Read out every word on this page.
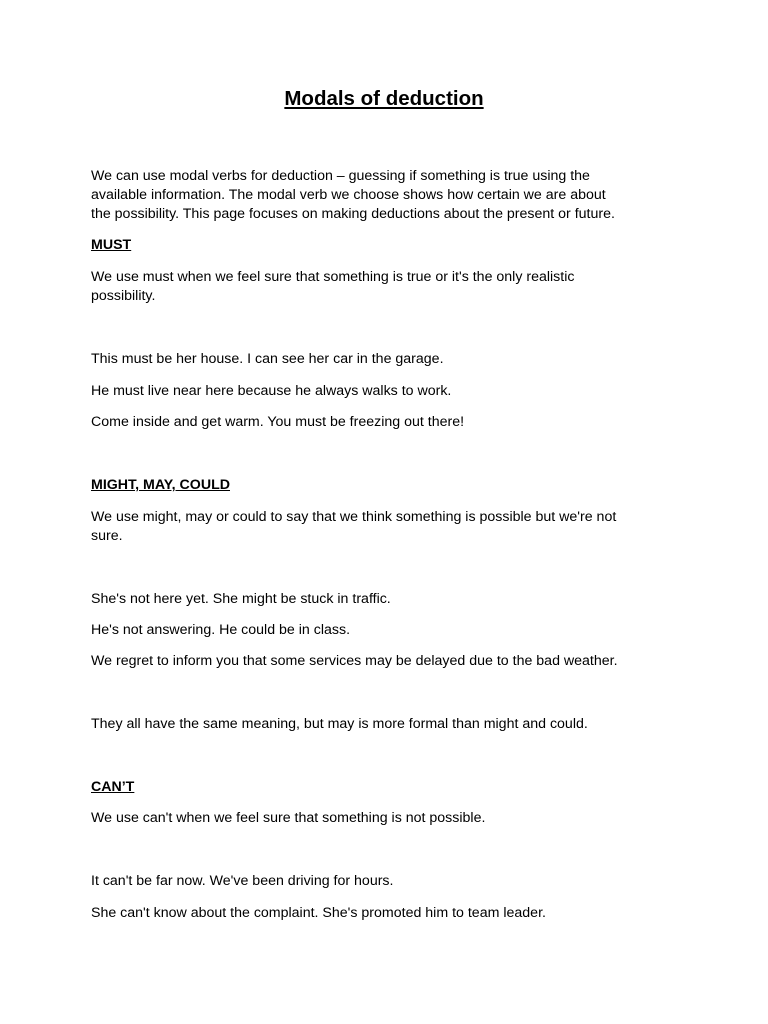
Modals of deduction
We can use modal verbs for deduction – guessing if something is true using the
available information. The modal verb we choose shows how certain we are about
the possibility. This page focuses on making deductions about the present or future.
MUST
We use must when we feel sure that something is true or it's the only realistic
possibility.
This must be her house. I can see her car in the garage.
He must live near here because he always walks to work.
Come inside and get warm. You must be freezing out there!
MIGHT, MAY, COULD
We use might, may or could to say that we think something is possible but we're not
sure.
She's not here yet. She might be stuck in traffic.
He's not answering. He could be in class.
We regret to inform you that some services may be delayed due to the bad weather.
They all have the same meaning, but may is more formal than might and could.
CAN’T
We use can't when we feel sure that something is not possible.
It can't be far now. We've been driving for hours.
She can't know about the complaint. She's promoted him to team leader.
